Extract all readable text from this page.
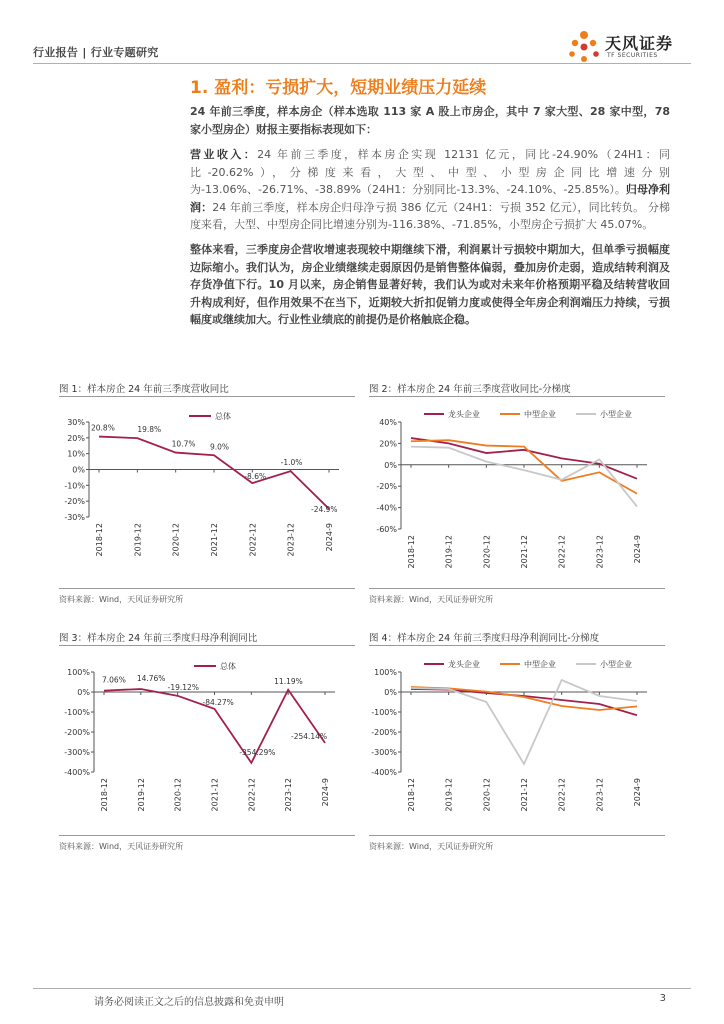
行业报告 | 行业专题研究	天风证券
TF SECURITIES
1. 盈利：亏损扩大，短期业绩压力延续
24 年前三季度，样本房企（样本选取 113 家 A 股上市房企，其中 7 家大型、28 家中型，78 家小型房企）财报主要指标表现如下：
营业收入：24 年前三季度，样本房企实现 12131 亿元，同比-24.90%（24H1：同比-20.62%），分梯度来看，大型、中型、小型房企同比增速分别为-13.06%、-26.71%、-38.89%（24H1：分别同比-13.3%、-24.10%、-25.85%）。归母净利润：24 年前三季度，样本房企归母净亏损 386 亿元（24H1：亏损 352 亿元），同比转负。 分梯度来看，大型、中型房企同比增速分别为-116.38%、-71.85%，小型房企亏损扩大 45.07%。
整体来看，三季度房企营收增速表现较中期继续下滑，利润累计亏损较中期加大，但单季亏损幅度边际缩小。我们认为，房企业绩继续走弱原因仍是销售整体偏弱，叠加房价走弱，造成结转利润及存货净值下行。10 月以来，房企销售显著好转，我们认为或对未来年价格预期平稳及结转营收回升构成利好，但作用效果不在当下，近期较大折扣促销力度或使得全年房企利润端压力持续，亏损幅度或继续加大。行业性业绩底的前提仍是价格触底企稳。
图 1：样本房企 24 年前三季度营收同比
30%
20%
10%
0%
-10%
-20%
-30%
2018-12	2019-12	2020-12	2021-12	2022-12	2023-12	2024-9
总体
20.8%	19.8%
10.7% 9.0%
-8.6%
-1.0%
-24.9%
资料来源：Wind，天风证券研究所
图 2：样本房企 24 年前三季度营收同比-分梯度
40%
20%
0%
-20%
-40%
-60%
2018-12	2019-12	2020-12	2021-12	2022-12	2023-12	2024-9
龙头企业	中型企业	小型企业
资料来源：Wind，天风证券研究所
图 3：样本房企 24 年前三季度归母净利润同比
100%
0%
-100%
-200%
-300%
-400%
2018-12	2019-12	2020-12	2021-12	2022-12	2023-12	2024-9
总体
7.06% 14.76%
-19.12%
-84.27%
-354.29%
11.19%
-254.14%
资料来源：Wind，天风证券研究所
图 4：样本房企 24 年前三季度归母净利润同比-分梯度
100%
0%
-100%
-200%
-300%
-400%
2018-12	2019-12	2020-12	2021-12	2022-12	2023-12	2024-9
龙头企业	中型企业	小型企业
资料来源：Wind，天风证券研究所
请务必阅读正文之后的信息披露和免责申明	3
